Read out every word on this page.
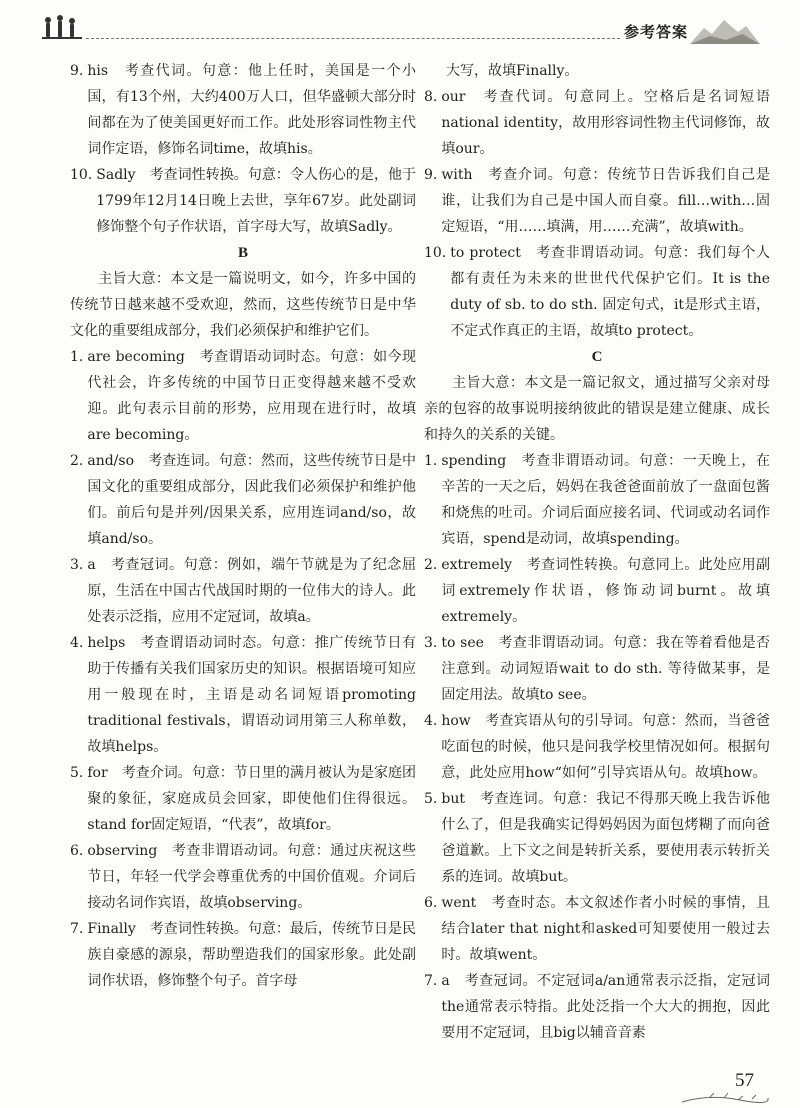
参考答案
9. his　考查代词。句意：他上任时，美国是一个小国，有13个州，大约400万人口，但华盛顿大部分时间都在为了使美国更好而工作。此处形容词性物主代词作定语，修饰名词time，故填his。
10. Sadly　考查词性转换。句意：令人伤心的是，他于1799年12月14日晚上去世，享年67岁。此处副词修饰整个句子作状语，首字母大写，故填Sadly。

B

主旨大意：本文是一篇说明文，如今，许多中国的传统节日越来越不受欢迎，然而，这些传统节日是中华文化的重要组成部分，我们必须保护和维护它们。

1. are becoming　考查谓语动词时态。句意：如今现代社会，许多传统的中国节日正变得越来越不受欢迎。此句表示目前的形势，应用现在进行时，故填are becoming。
2. and/so　考查连词。句意：然而，这些传统节日是中国文化的重要组成部分，因此我们必须保护和维护他们。前后句是并列/因果关系，应用连词and/so，故填and/so。
3. a　考查冠词。句意：例如，端午节就是为了纪念屈原，生活在中国古代战国时期的一位伟大的诗人。此处表示泛指，应用不定冠词，故填a。
4. helps　考查谓语动词时态。句意：推广传统节日有助于传播有关我们国家历史的知识。根据语境可知应用一般现在时，主语是动名词短语promoting traditional festivals，谓语动词用第三人称单数，故填helps。
5. for　考查介词。句意：节日里的满月被认为是家庭团聚的象征，家庭成员会回家，即使他们住得很远。stand for固定短语，“代表”，故填for。
6. observing　考查非谓语动词。句意：通过庆祝这些节日，年轻一代学会尊重优秀的中国价值观。介词后接动名词作宾语，故填observing。
7. Finally　考查词性转换。句意：最后，传统节日是民族自豪感的源泉，帮助塑造我们的国家形象。此处副词作状语，修饰整个句子。首字母

大写，故填Finally。

8. our　考查代词。句意同上。空格后是名词短语national identity，故用形容词性物主代词修饰，故填our。
9. with　考查介词。句意：传统节日告诉我们自己是谁，让我们为自己是中国人而自豪。fill…with…固定短语，“用……填满，用……充满”，故填with。
10. to protect　考查非谓语动词。句意：我们每个人都有责任为未来的世世代代保护它们。It is the duty of sb. to do sth. 固定句式，it是形式主语，不定式作真正的主语，故填to protect。

C

主旨大意：本文是一篇记叙文，通过描写父亲对母亲的包容的故事说明接纳彼此的错误是建立健康、成长和持久的关系的关键。

1. spending　考查非谓语动词。句意：一天晚上，在辛苦的一天之后，妈妈在我爸爸面前放了一盘面包酱和烧焦的吐司。介词后面应接名词、代词或动名词作宾语，spend是动词，故填spending。
2. extremely　考查词性转换。句意同上。此处应用副词extremely作状语，修饰动词burnt。故填extremely。
3. to see　考查非谓语动词。句意：我在等着看他是否注意到。动词短语wait to do sth. 等待做某事，是固定用法。故填to see。
4. how　考查宾语从句的引导词。句意：然而，当爸爸吃面包的时候，他只是问我学校里情况如何。根据句意，此处应用how“如何”引导宾语从句。故填how。
5. but　考查连词。句意：我记不得那天晚上我告诉他什么了，但是我确实记得妈妈因为面包烤糊了而向爸爸道歉。上下文之间是转折关系，要使用表示转折关系的连词。故填but。
6. went　考查时态。本文叙述作者小时候的事情，且结合later that night和asked可知要使用一般过去时。故填went。
7. a　考查冠词。不定冠词a/an通常表示泛指，定冠词the通常表示特指。此处泛指一个大大的拥抱，因此要用不定冠词，且big以辅音音素
57
